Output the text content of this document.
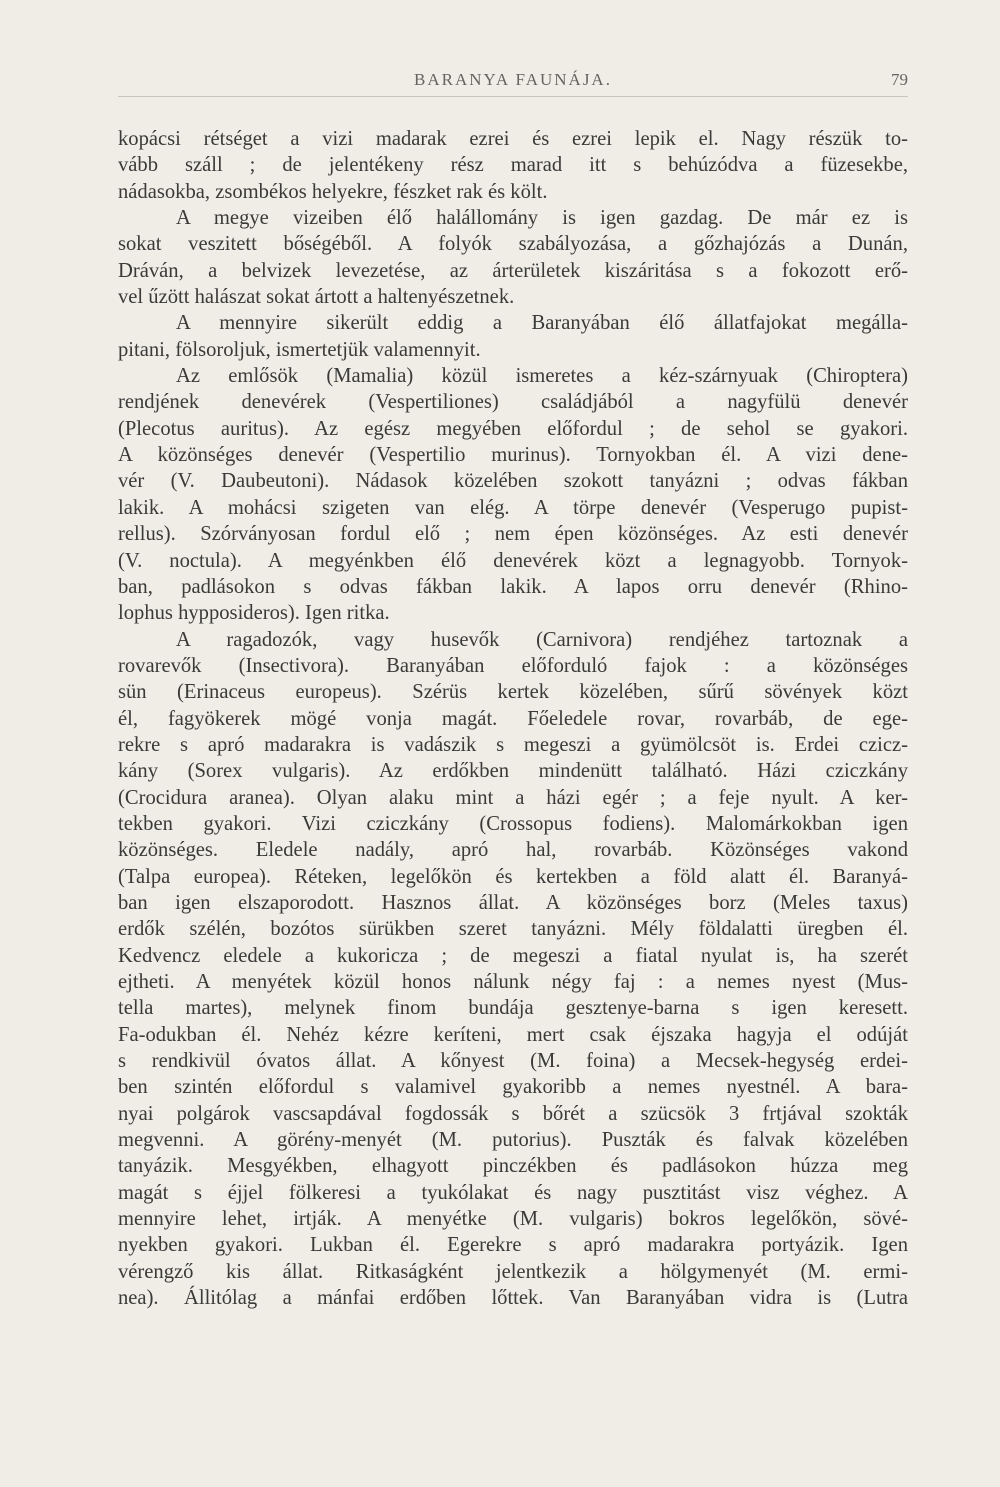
BARANYA FAUNÁJA.	79
kopácsi rétséget a vizi madarak ezrei és ezrei lepik el. Nagy részük to-
vább száll ; de jelentékeny rész marad itt s behúzódva a füzesekbe,
nádasokba, zsombékos helyekre, fészket rak és költ.
A megye vizeiben élő halállomány is igen gazdag. De már ez is
sokat veszitett bőségéből. A folyók szabályozása, a gőzhajózás a Dunán,
Dráván, a belvizek levezetése, az árterületek kiszáritása s a fokozott erő-
vel űzött halászat sokat ártott a haltenyészetnek.
A mennyire sikerült eddig a Baranyában élő állatfajokat megálla-
pitani, fölsoroljuk, ismertetjük valamennyit.
Az emlősök (Mamalia) közül ismeretes a kéz-szárnyuak (Chiroptera)
rendjének denevérek (Vespertiliones) családjából a nagyfülü denevér
(Plecotus auritus). Az egész megyében előfordul ; de sehol se gyakori.
A közönséges denevér (Vespertilio murinus). Tornyokban él. A vizi dene-
vér (V. Daubeutoni). Nádasok közelében szokott tanyázni ; odvas fákban
lakik. A mohácsi szigeten van elég. A törpe denevér (Vesperugo pupist-
rellus). Szórványosan fordul elő ; nem épen közönséges. Az esti denevér
(V. noctula). A megyénkben élő denevérek közt a legnagyobb. Tornyok-
ban, padlásokon s odvas fákban lakik. A lapos orru denevér (Rhino-
lophus hypposideros). Igen ritka.
A ragadozók, vagy husevők (Carnivora) rendjéhez tartoznak a
rovarevők (Insectivora). Baranyában előforduló fajok : a közönséges
sün (Erinaceus europeus). Szérüs kertek közelében, sűrű sövények közt
él, fagyökerek mögé vonja magát. Főeledele rovar, rovarbáb, de ege-
rekre s apró madarakra is vadászik s megeszi a gyümölcsöt is. Erdei czicz-
kány (Sorex vulgaris). Az erdőkben mindenütt található. Házi cziczkány
(Crocidura aranea). Olyan alaku mint a házi egér ; a feje nyult. A ker-
tekben gyakori. Vizi cziczkány (Crossopus fodiens). Malomárkokban igen
közönséges. Eledele nadály, apró hal, rovarbáb. Közönséges vakond
(Talpa europea). Réteken, legelőkön és kertekben a föld alatt él. Baranyá-
ban igen elszaporodott. Hasznos állat. A közönséges borz (Meles taxus)
erdők szélén, bozótos sürükben szeret tanyázni. Mély földalatti üregben él.
Kedvencz eledele a kukoricza ; de megeszi a fiatal nyulat is, ha szerét
ejtheti. A menyétek közül honos nálunk négy faj : a nemes nyest (Mus-
tella martes), melynek finom bundája gesztenye-barna s igen keresett.
Fa-odukban él. Nehéz kézre keríteni, mert csak éjszaka hagyja el odúját
s rendkivül óvatos állat. A kőnyest (M. foina) a Mecsek-hegység erdei-
ben szintén előfordul s valamivel gyakoribb a nemes nyestnél. A bara-
nyai polgárok vascsapdával fogdossák s bőrét a szücsök 3 frtjával szokták
megvenni. A görény-menyét (M. putorius). Puszták és falvak közelében
tanyázik. Mesgyékben, elhagyott pinczékben és padlásokon húzza meg
magát s éjjel fölkeresi a tyukólakat és nagy pusztitást visz véghez. A
mennyire lehet, irtják. A menyétke (M. vulgaris) bokros legelőkön, sövé-
nyekben gyakori. Lukban él. Egerekre s apró madarakra portyázik. Igen
vérengző kis állat. Ritkaságként jelentkezik a hölgymenyét (M. ermi-
nea). Állitólag a mánfai erdőben lőttek. Van Baranyában vidra is (Lutra
